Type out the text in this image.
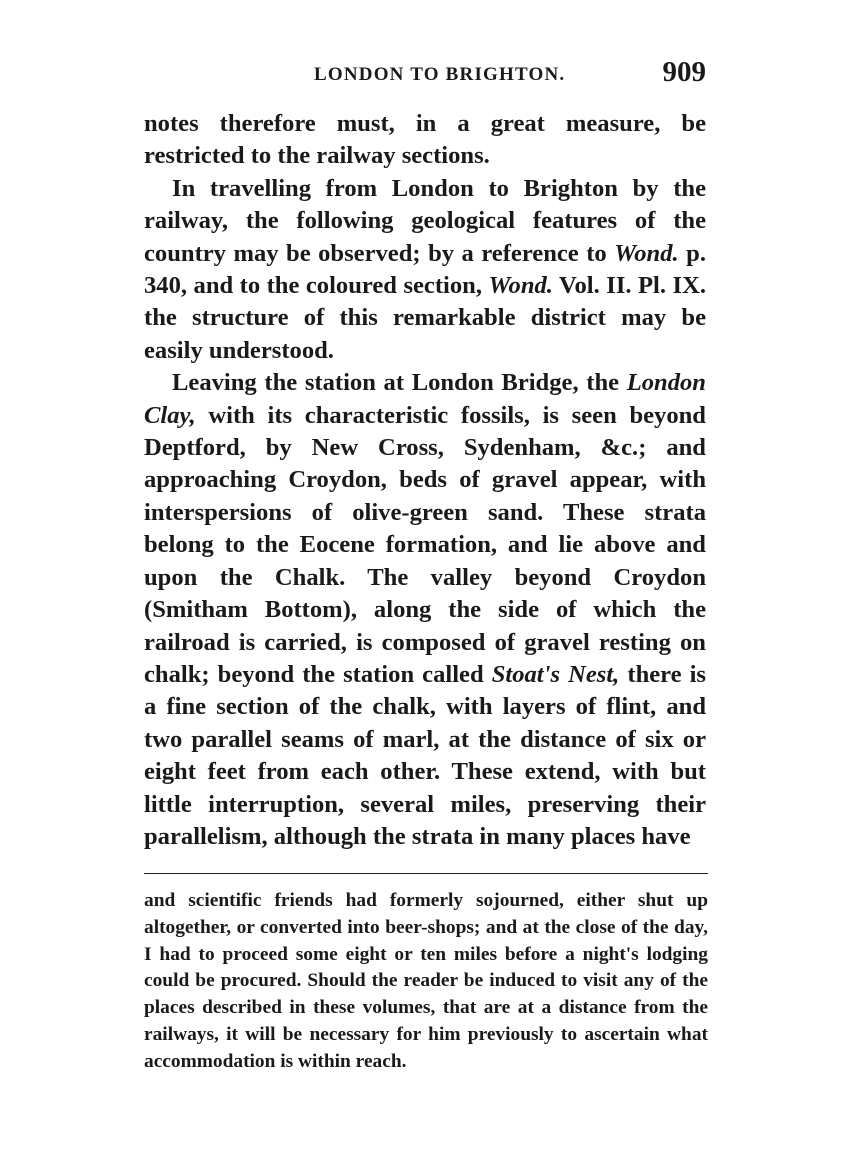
LONDON TO BRIGHTON.	909

notes therefore must, in a great measure, be restricted to the railway sections.

In travelling from London to Brighton by the railway, the following geological features of the country may be observed; by a reference to Wond. p. 340, and to the coloured section, Wond. Vol. II. Pl. IX. the structure of this remarkable district may be easily understood.

Leaving the station at London Bridge, the London Clay, with its characteristic fossils, is seen beyond Deptford, by New Cross, Sydenham, &c.; and approaching Croydon, beds of gravel appear, with interspersions of olive-green sand. These strata belong to the Eocene formation, and lie above and upon the Chalk. The valley beyond Croydon (Smitham Bottom), along the side of which the railroad is carried, is composed of gravel resting on chalk; beyond the station called Stoat's Nest, there is a fine section of the chalk, with layers of flint, and two parallel seams of marl, at the distance of six or eight feet from each other. These extend, with but little interruption, several miles, preserving their parallelism, although the strata in many places have

and scientific friends had formerly sojourned, either shut up altogether, or converted into beer-shops; and at the close of the day, I had to proceed some eight or ten miles before a night's lodging could be procured. Should the reader be induced to visit any of the places described in these volumes, that are at a distance from the railways, it will be necessary for him previously to ascertain what accommodation is within reach.
